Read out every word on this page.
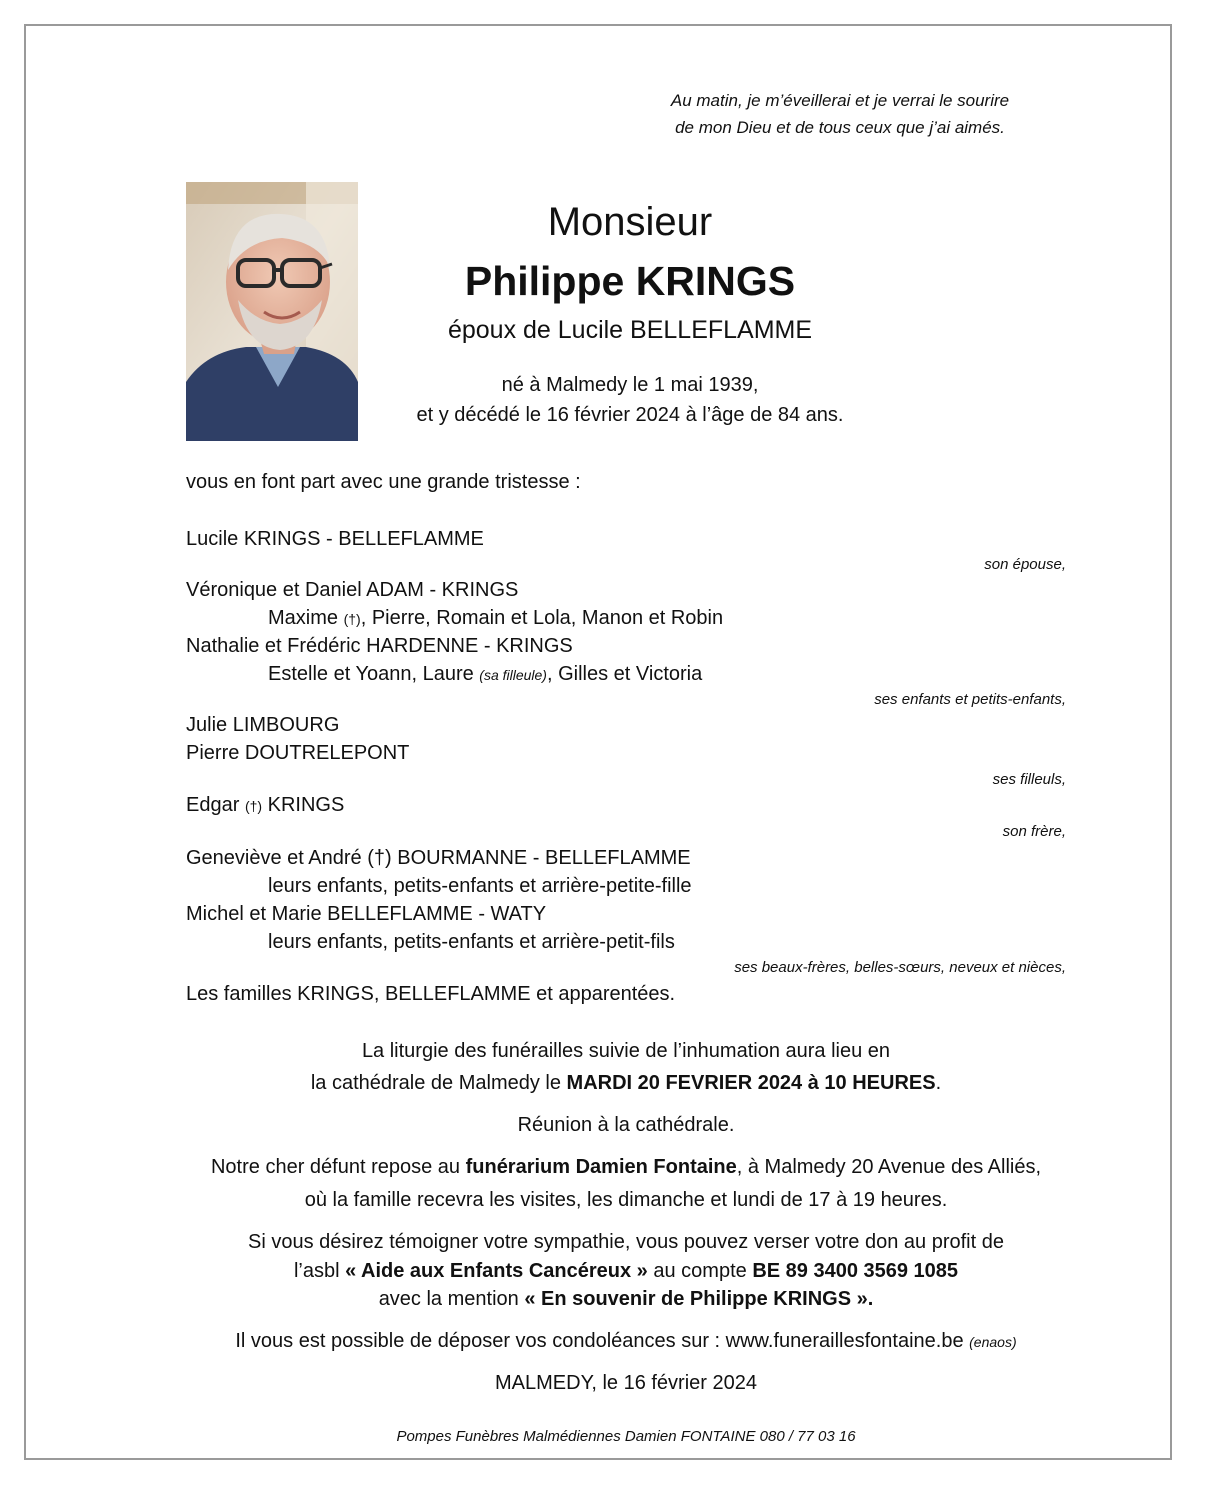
Au matin, je m’éveillerai et je verrai le sourire
de mon Dieu et de tous ceux que j’ai aimés.
Monsieur
Philippe KRINGS
époux de Lucile BELLEFLAMME
né à Malmedy le 1 mai 1939,
et y décédé le 16 février 2024 à l’âge de 84 ans.
vous en font part avec une grande tristesse :
Lucile KRINGS - BELLEFLAMME
son épouse,
Véronique et Daniel ADAM - KRINGS
Maxime (†), Pierre, Romain et Lola, Manon et Robin
Nathalie et Frédéric HARDENNE - KRINGS
Estelle et Yoann, Laure (sa filleule), Gilles et Victoria
ses enfants et petits-enfants,
Julie LIMBOURG
Pierre DOUTRELEPONT
ses filleuls,
Edgar (†) KRINGS
son frère,
Geneviève et André (†) BOURMANNE - BELLEFLAMME
leurs enfants, petits-enfants et arrière-petite-fille
Michel et Marie BELLEFLAMME - WATY
leurs enfants, petits-enfants et arrière-petit-fils
ses beaux-frères, belles-sœurs, neveux et nièces,
Les familles KRINGS, BELLEFLAMME et apparentées.
La liturgie des funérailles suivie de l’inhumation aura lieu en
la cathédrale de Malmedy le MARDI 20 FEVRIER 2024 à 10 HEURES.
Réunion à la cathédrale.
Notre cher défunt repose au funérarium Damien Fontaine, à Malmedy 20 Avenue des Alliés,
où la famille recevra les visites, les dimanche et lundi de 17 à 19 heures.
Si vous désirez témoigner votre sympathie, vous pouvez verser votre don au profit de
l’asbl « Aide aux Enfants Cancéreux » au compte BE 89 3400 3569 1085
avec la mention « En souvenir de Philippe KRINGS ».
Il vous est possible de déposer vos condoléances sur : www.funeraillesfontaine.be (enaos)
MALMEDY, le 16 février 2024
Pompes Funèbres Malmédiennes Damien FONTAINE 080 / 77 03 16
